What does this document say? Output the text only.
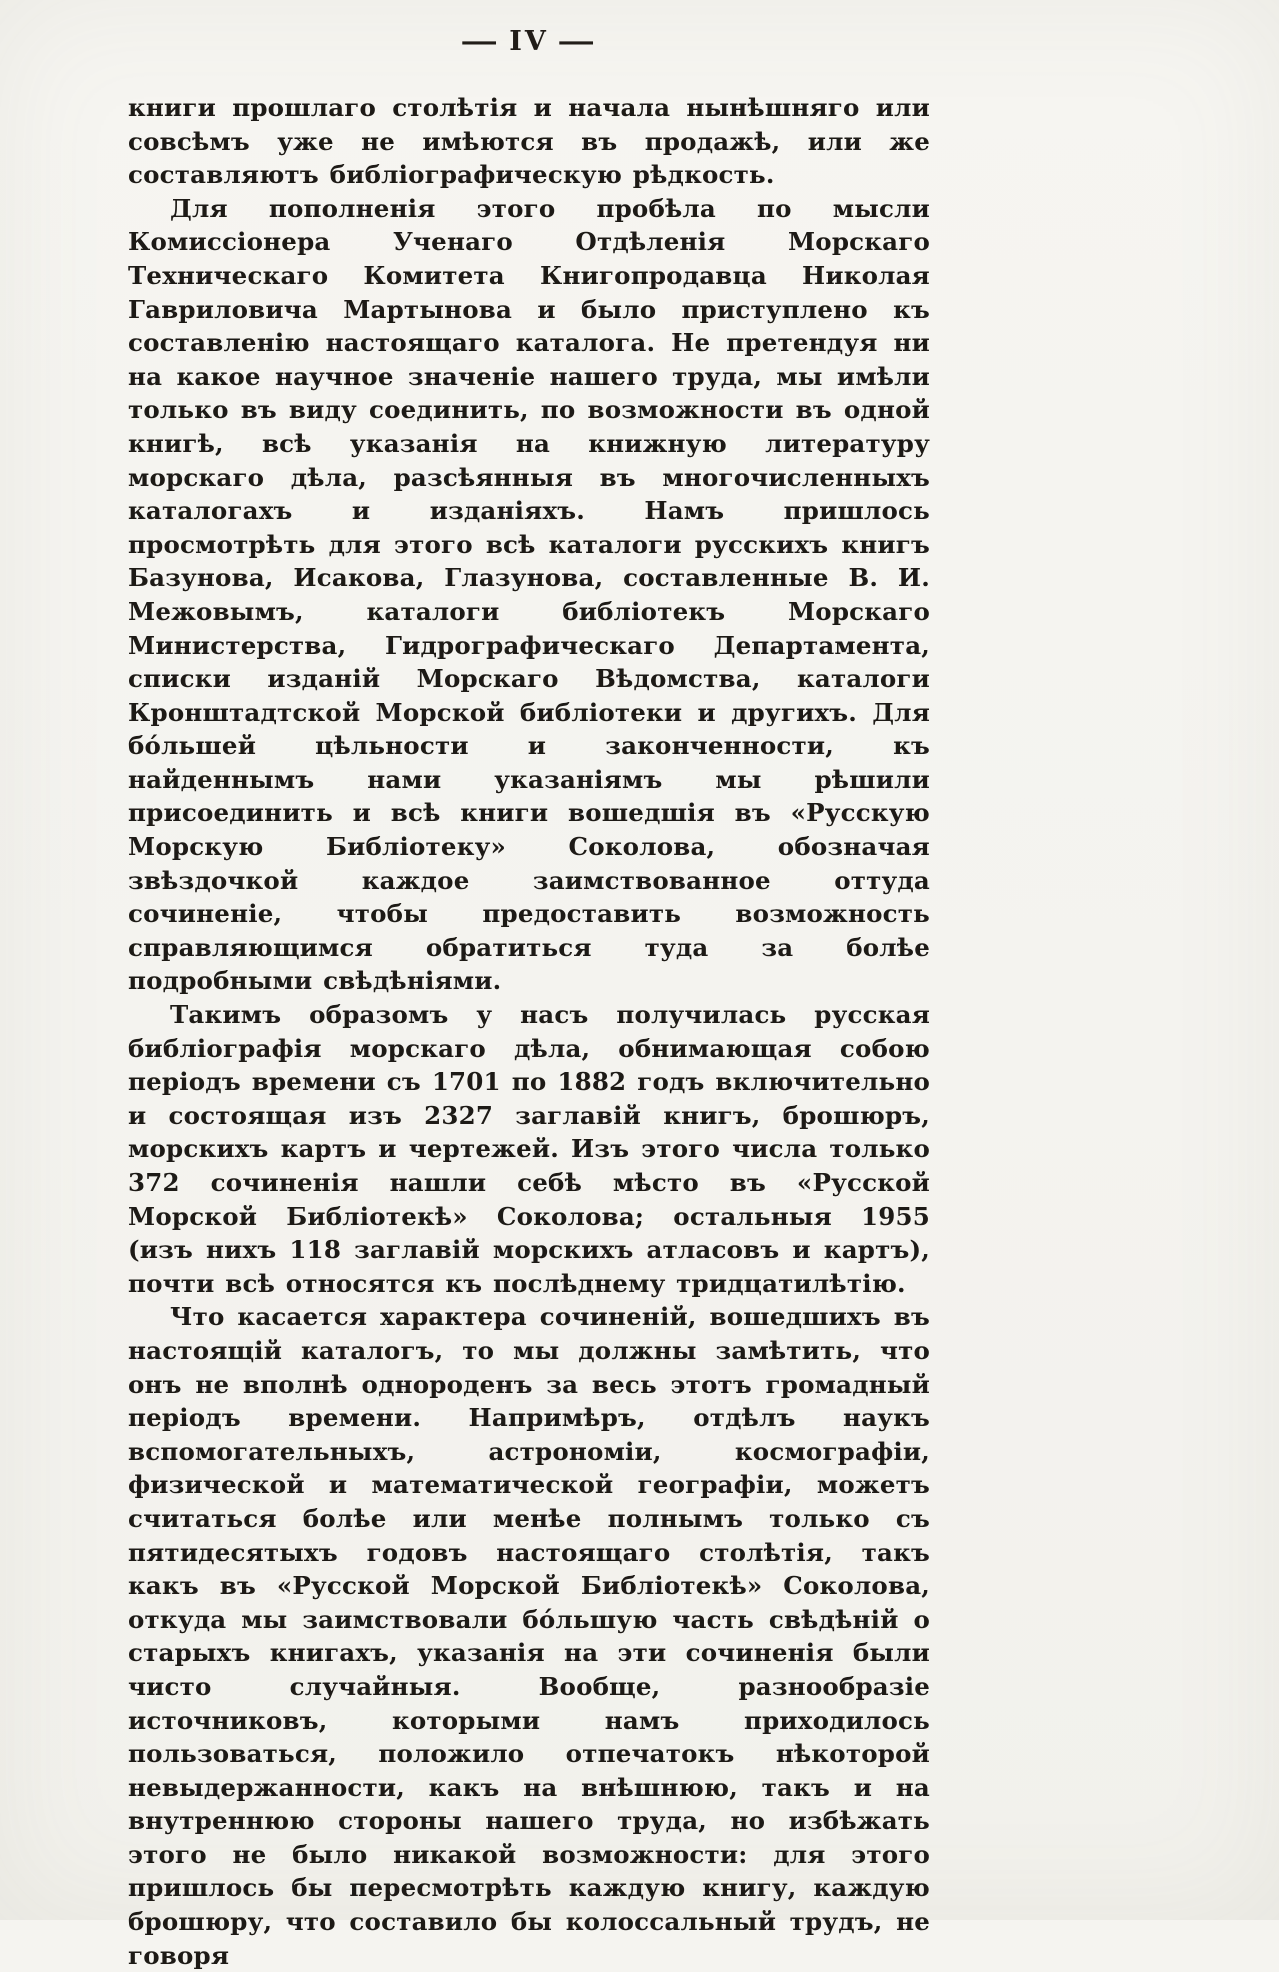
— IV —

книги прошлаго столѣтія и начала нынѣшняго или совсѣмъ уже не имѣются въ продажѣ, или же составляютъ библіографическую рѣдкость.

Для пополненія этого пробѣла по мысли Комиссіонера Ученаго Отдѣленія Морскаго Техническаго Комитета Книгопродавца Николая Гавриловича Мартынова и было приступлено къ составленію настоящаго каталога. Не претендуя ни на какое научное значеніе нашего труда, мы имѣли только въ виду соединить, по возможности въ одной книгѣ, всѣ указанія на книжную литературу морскаго дѣла, разсѣянныя въ многочисленныхъ каталогахъ и изданіяхъ. Намъ пришлось просмотрѣть для этого всѣ каталоги русскихъ книгъ Базунова, Исакова, Глазунова, составленные В. И. Межовымъ, каталоги библіотекъ Морскаго Министерства, Гидрографическаго Департамента, списки изданій Морскаго Вѣдомства, каталоги Кронштадтской Морской библіотеки и другихъ. Для бо́льшей цѣльности и законченности, къ найденнымъ нами указаніямъ мы рѣшили присоединить и всѣ книги вошедшія въ «Русскую Морскую Библіотеку» Соколова, обозначая звѣздочкой каждое заимствованное оттуда сочиненіе, чтобы предоставить возможность справляющимся обратиться туда за болѣе подробными свѣдѣніями.

Такимъ образомъ у насъ получилась русская библіографія морскаго дѣла, обнимающая собою періодъ времени съ 1701 по 1882 годъ включительно и состоящая изъ 2327 заглавій книгъ, брошюръ, морскихъ картъ и чертежей. Изъ этого числа только 372 сочиненія нашли себѣ мѣсто въ «Русской Морской Библіотекѣ» Соколова; остальныя 1955 (изъ нихъ 118 заглавій морскихъ атласовъ и картъ), почти всѣ относятся къ послѣднему тридцатилѣтію.

Что касается характера сочиненій, вошедшихъ въ настоящій каталогъ, то мы должны замѣтить, что онъ не вполнѣ однороденъ за весь этотъ громадный періодъ времени. Напримѣръ, отдѣлъ наукъ вспомогательныхъ, астрономіи, космографіи, физической и математической географіи, можетъ считаться болѣе или менѣе полнымъ только съ пятидесятыхъ годовъ настоящаго столѣтія, такъ какъ въ «Русской Морской Библіотекѣ» Соколова, откуда мы заимствовали бо́льшую часть свѣдѣній о старыхъ книгахъ, указанія на эти сочиненія были чисто случайныя. Вообще, разнообразіе источниковъ, которыми намъ приходилось пользоваться, положило отпечатокъ нѣкоторой невыдержанности, какъ на внѣшнюю, такъ и на внутреннюю стороны нашего труда, но избѣжать этого не было никакой возможности: для этого пришлось бы пересмотрѣть каждую книгу, каждую брошюру, что составило бы колоссальный трудъ, не говоря
